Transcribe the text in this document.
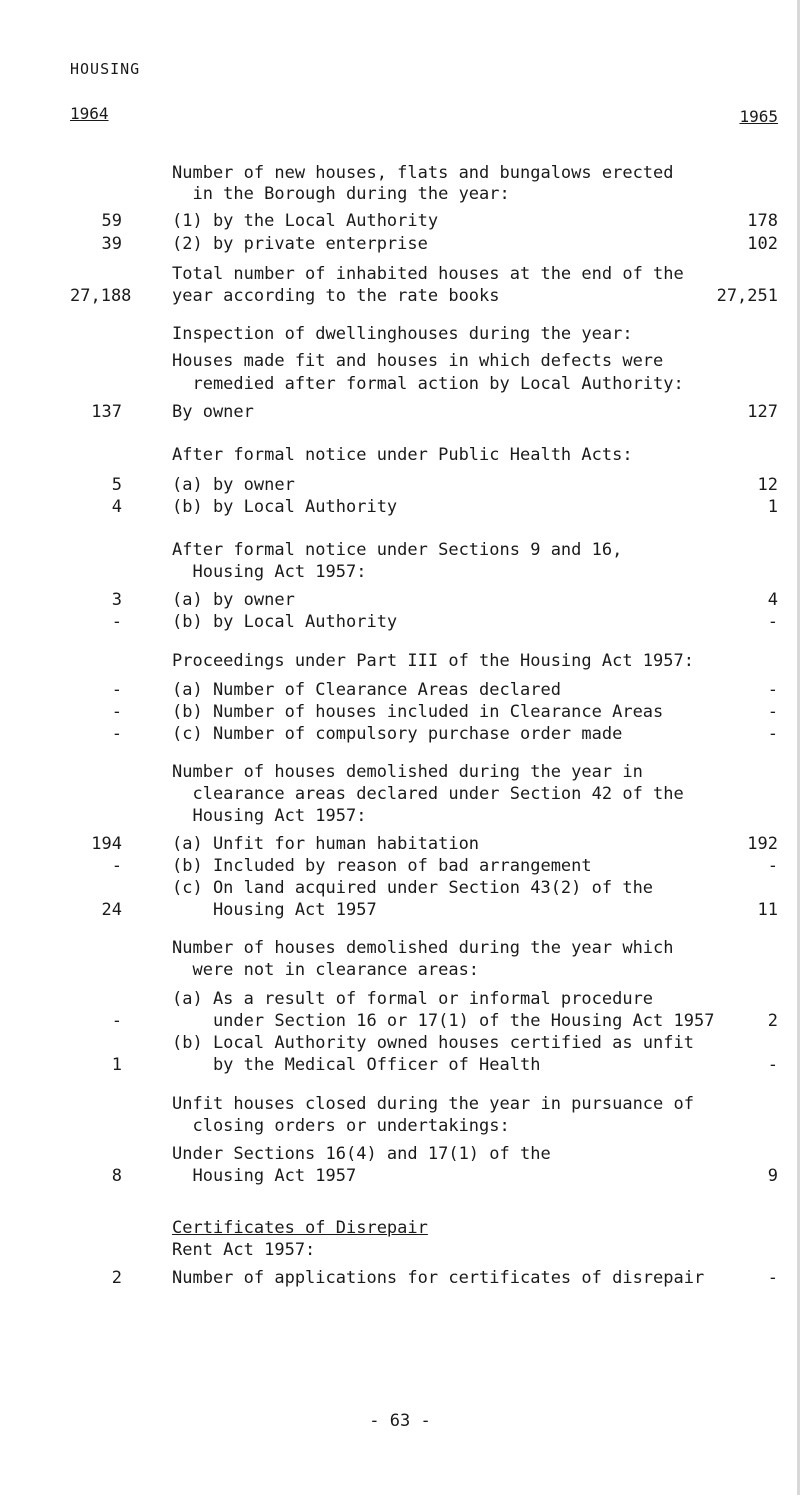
HOUSING
1964	1965
Number of new houses, flats and bungalows erected
in the Borough during the year:
59	(1) by the Local Authority	178
39	(2) by private enterprise	102
Total number of inhabited houses at the end of the
27,188 year according to the rate books	27,251
Inspection of dwellinghouses during the year:
Houses made fit and houses in which defects were
remedied after formal action by Local Authority:
137	By owner	127
After formal notice under Public Health Acts:
5	(a) by owner	12
4	(b) by Local Authority	1
After formal notice under Sections 9 and 16,
Housing Act 1957:
3	(a) by owner	4
-	(b) by Local Authority	-
Proceedings under Part III of the Housing Act 1957:
-	(a) Number of Clearance Areas declared	-
-	(b) Number of houses included in Clearance Areas	-
-	(c) Number of compulsory purchase order made	-
Number of houses demolished during the year in
clearance areas declared under Section 42 of the
Housing Act 1957:
194	(a) Unfit for human habitation	192
-	(b) Included by reason of bad arrangement	-
(c) On land acquired under Section 43(2) of the
24	Housing Act 1957	11
Number of houses demolished during the year which
were not in clearance areas:
(a) As a result of formal or informal procedure
-	under Section 16 or 17(1) of the Housing Act 1957	2
(b) Local Authority owned houses certified as unfit
1	by the Medical Officer of Health	-
Unfit houses closed during the year in pursuance of
closing orders or undertakings:
Under Sections 16(4) and 17(1) of the
8	Housing Act 1957	9
Certificates of Disrepair
Rent Act 1957:
2	Number of applications for certificates of disrepair	-
- 63 -
